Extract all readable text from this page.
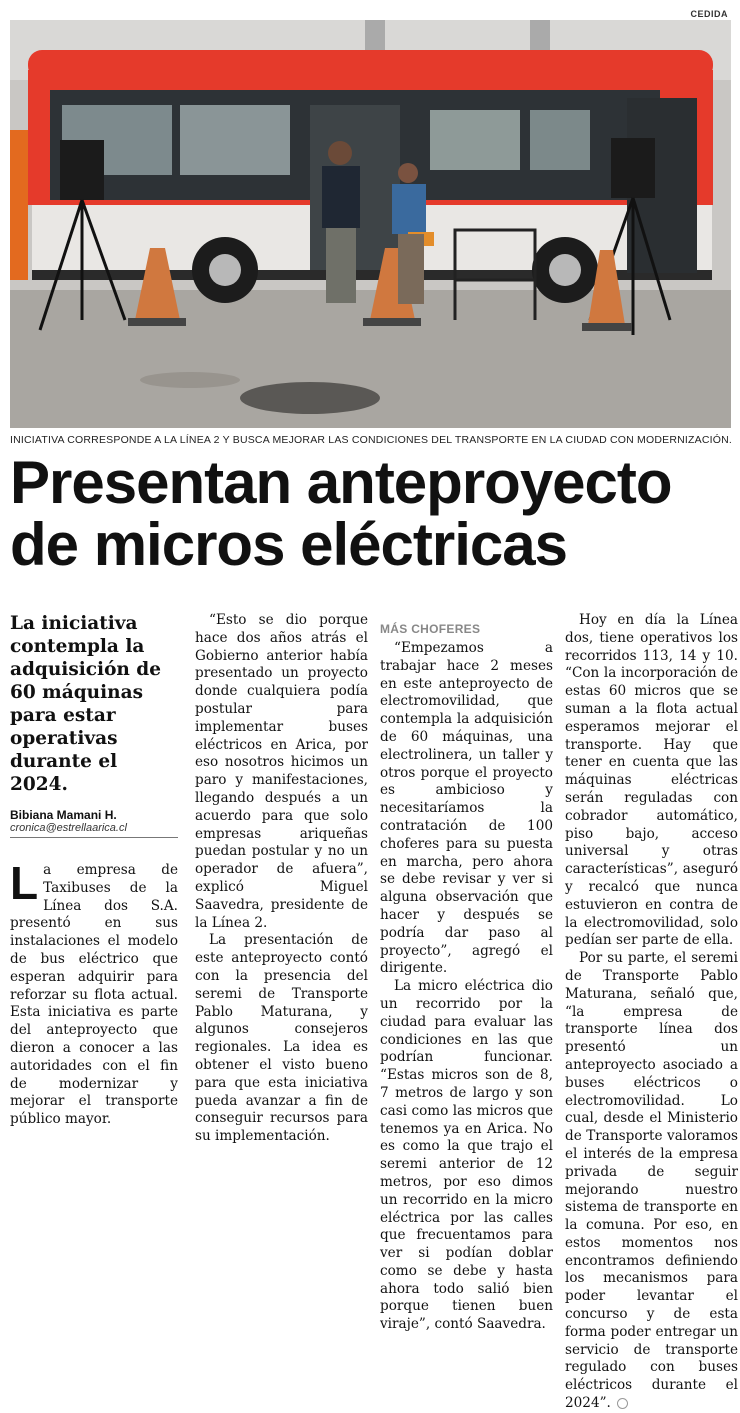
CEDIDA
INICIATIVA CORRESPONDE A LA LÍNEA 2 Y BUSCA MEJORAR LAS CONDICIONES DEL TRANSPORTE EN LA CIUDAD CON MODERNIZACIÓN.
Presentan anteproyecto
de micros eléctricas
La iniciativa contempla la adquisición de 60 máquinas para estar operativas durante el 2024.
Bibiana Mamani H.
cronica@estrellaarica.cl

La empresa de Taxibuses de la Línea dos S.A. presentó en sus instalaciones el modelo de bus eléctrico que esperan adquirir para reforzar su flota actual. Esta iniciativa es parte del anteproyecto que dieron a conocer a las autoridades con el fin de modernizar y mejorar el transporte público mayor.

“Esto se dio porque hace dos años atrás el Gobierno anterior había presentado un proyecto donde cualquiera podía postular para implementar buses eléctricos en Arica, por eso nosotros hicimos un paro y manifestaciones, llegando después a un acuerdo para que solo empresas ariqueñas puedan postular y no un operador de afuera”, explicó Miguel Saavedra, presidente de la Línea 2.

La presentación de este anteproyecto contó con la presencia del seremi de Transporte Pablo Maturana, y algunos consejeros regionales. La idea es obtener el visto bueno para que esta iniciativa pueda avanzar a fin de conseguir recursos para su implementación.

MÁS CHOFERES

“Empezamos a trabajar hace 2 meses en este anteproyecto de electromovilidad, que contempla la adquisición de 60 máquinas, una electrolinera, un taller y otros porque el proyecto es ambicioso y necesitaríamos la contratación de 100 choferes para su puesta en marcha, pero ahora se debe revisar y ver si alguna observación que hacer y después se podría dar paso al proyecto”, agregó el dirigente.

La micro eléctrica dio un recorrido por la ciudad para evaluar las condiciones en las que podrían funcionar. “Estas micros son de 8, 7 metros de largo y son casi como las micros que tenemos ya en Arica. No es como la que trajo el seremi anterior de 12 metros, por eso dimos un recorrido en la micro eléctrica por las calles que frecuentamos para ver si podían doblar como se debe y hasta ahora todo salió bien porque tienen buen viraje”, contó Saavedra.

Hoy en día la Línea dos, tiene operativos los recorridos 113, 14 y 10. “Con la incorporación de estas 60 micros que se suman a la flota actual esperamos mejorar el transporte. Hay que tener en cuenta que las máquinas eléctricas serán reguladas con cobrador automático, piso bajo, acceso universal y otras características”, aseguró y recalcó que nunca estuvieron en contra de la electromovilidad, solo pedían ser parte de ella.

Por su parte, el seremi de Transporte Pablo Maturana, señaló que, “la empresa de transporte línea dos presentó un anteproyecto asociado a buses eléctricos o electromovilidad. Lo cual, desde el Ministerio de Transporte valoramos el interés de la empresa privada de seguir mejorando nuestro sistema de transporte en la comuna. Por eso, en estos momentos nos encontramos definiendo los mecanismos para poder levantar el concurso y de esta forma poder entregar un servicio de transporte regulado con buses eléctricos durante el 2024”.
